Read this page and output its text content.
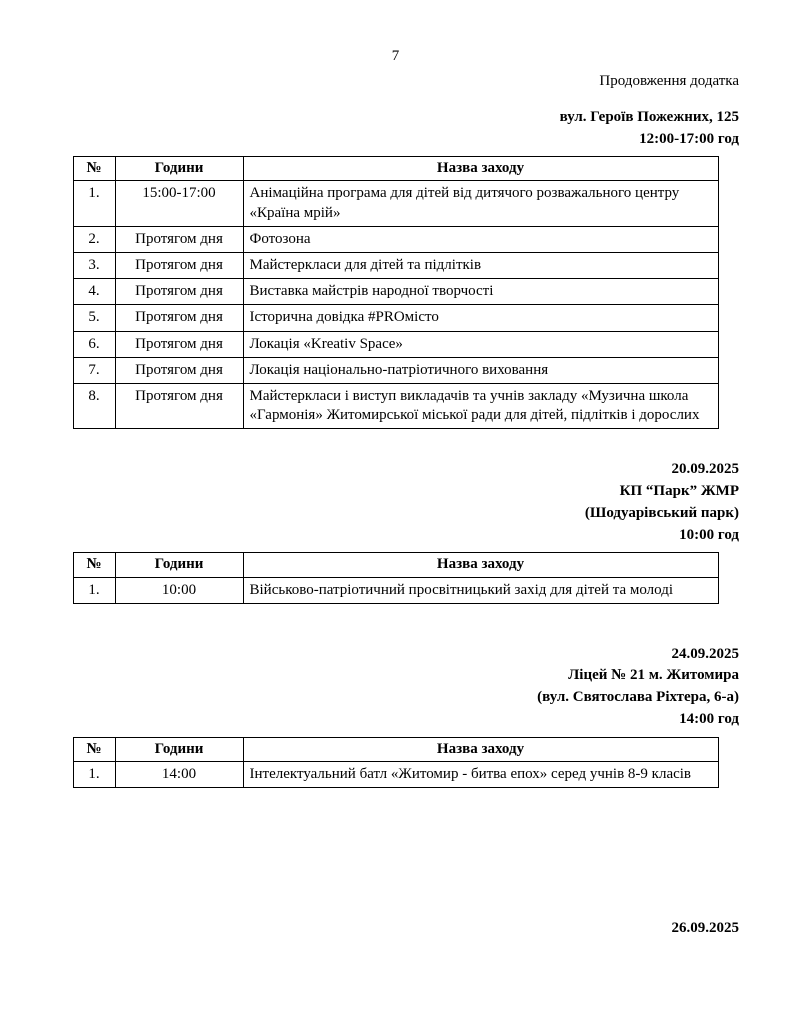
7
Продовження додатка
вул. Героїв Пожежних, 125
12:00-17:00 год
№	Години	Назва заходу
1.	15:00-17:00	Анімаційна програма для дітей від дитячого розважального центру «Країна мрій»
2.	Протягом дня	Фотозона
3.	Протягом дня	Майстеркласи для дітей та підлітків
4.	Протягом дня	Виставка майстрів народної творчості
5.	Протягом дня	Історична довідка #PROмісто
6.	Протягом дня	Локація «Kreativ Space»
7.	Протягом дня	Локація національно-патріотичного виховання
8.	Протягом дня	Майстеркласи і виступ викладачів та учнів закладу «Музична школа «Гармонія» Житомирської міської ради для дітей, підлітків і дорослих
20.09.2025
КП “Парк” ЖМР
(Шодуарівський парк)
10:00 год
№	Години	Назва заходу
1.	10:00	Військово-патріотичний просвітницький захід для дітей та молоді
24.09.2025
Ліцей № 21 м. Житомира
(вул. Святослава Ріхтера, 6-а)
14:00 год
№	Години	Назва заходу
1.	14:00	Інтелектуальний батл «Житомир - битва епох» серед учнів 8-9 класів
26.09.2025
